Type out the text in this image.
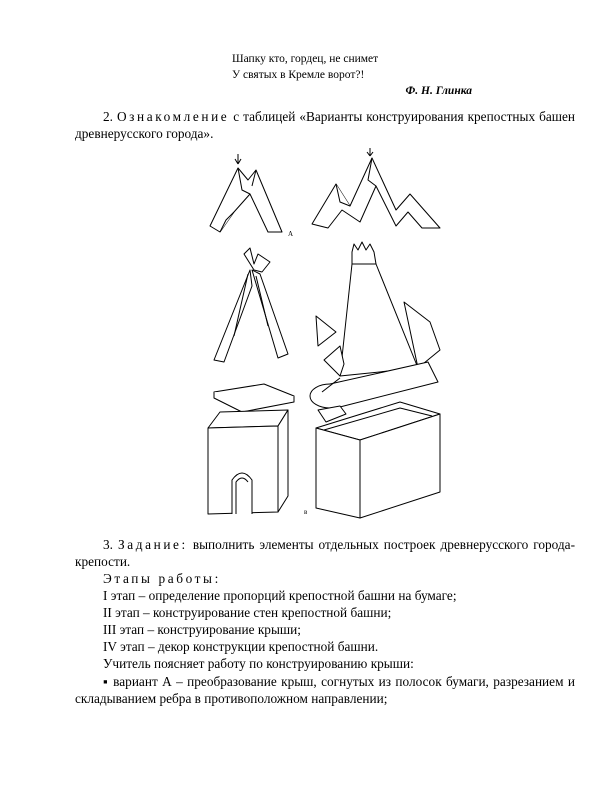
Шапку кто, гордец, не снимет
У святых в Кремле ворот?!
Ф. Н. Глинка
2. Ознакомление с таблицей «Варианты конструирования крепостных башен древнерусского города».
А
в
3. Задание: выполнить элементы отдельных построек древнерусского города-крепости.
Этапы работы:
I этап – определение пропорций крепостной башни на бумаге;
II этап – конструирование стен крепостной башни;
III этап – конструирование крыши;
IV этап – декор конструкции крепостной башни.
Учитель поясняет работу по конструированию крыши:
▪ вариант А – преобразование крыш, согнутых из полосок бумаги, разрезанием и складыванием ребра в противоположном направлении;
